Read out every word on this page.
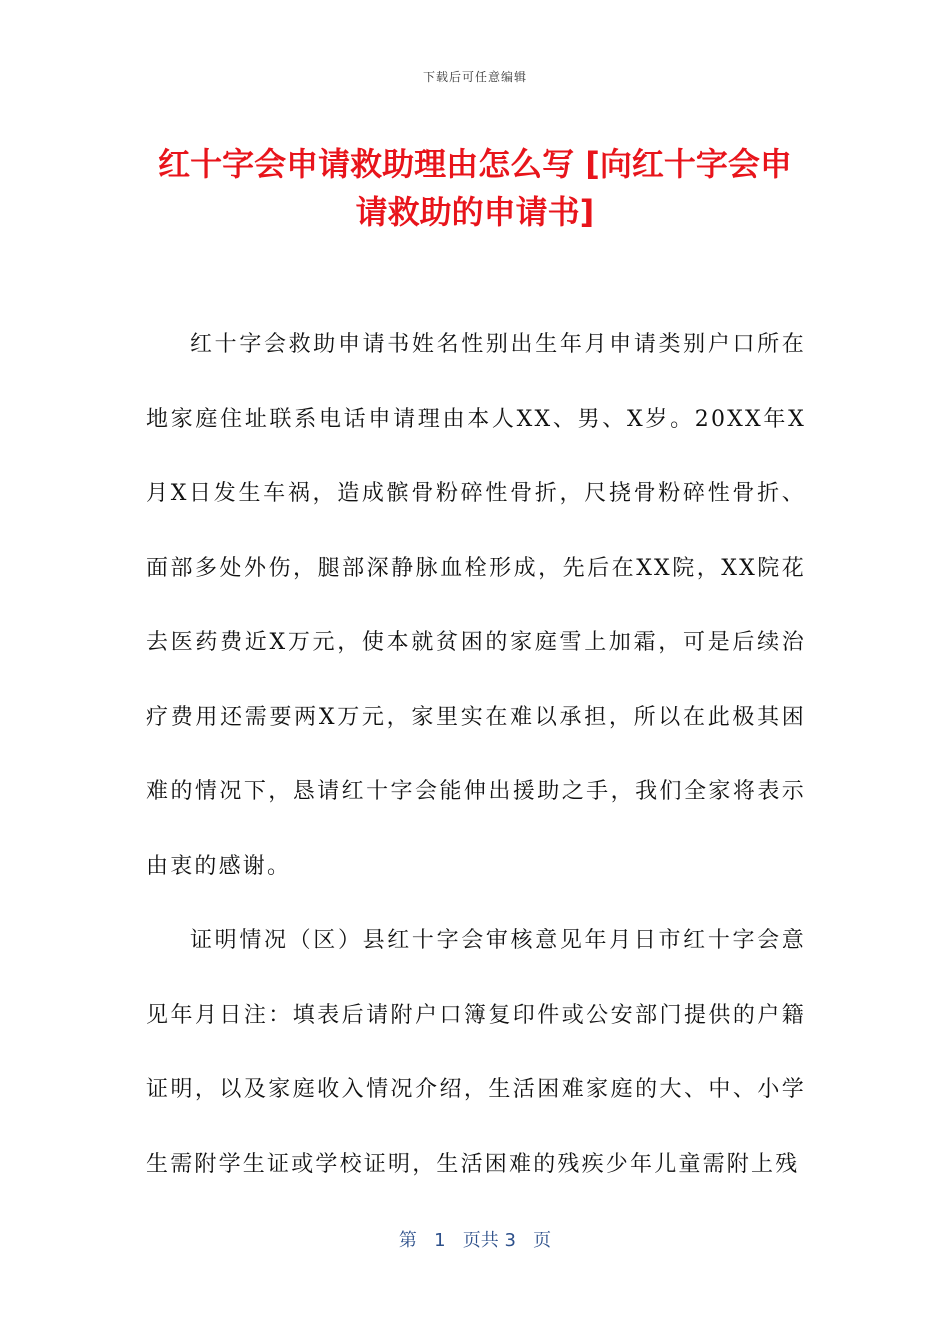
下载后可任意编辑
红十字会申请救助理由怎么写 [向红十字会申
请救助的申请书]

红十字会救助申请书姓名性别出生年月申请类别户口所在地家庭住址联系电话申请理由本人XX、男、X岁。20XX年X月X日发生车祸，造成髌骨粉碎性骨折，尺挠骨粉碎性骨折、面部多处外伤，腿部深静脉血栓形成，先后在XX院，XX院花去医药费近X万元，使本就贫困的家庭雪上加霜，可是后续治疗费用还需要两X万元，家里实在难以承担，所以在此极其困难的情况下，恳请红十字会能伸出援助之手，我们全家将表示由衷的感谢。

证明情况（区）县红十字会审核意见年月日市红十字会意见年月日注：填表后请附户口簿复印件或公安部门提供的户籍证明，以及家庭收入情况介绍，生活困难家庭的大、中、小学生需附学生证或学校证明，生活困难的残疾少年儿童需附上残

第 1 页共 3 页
